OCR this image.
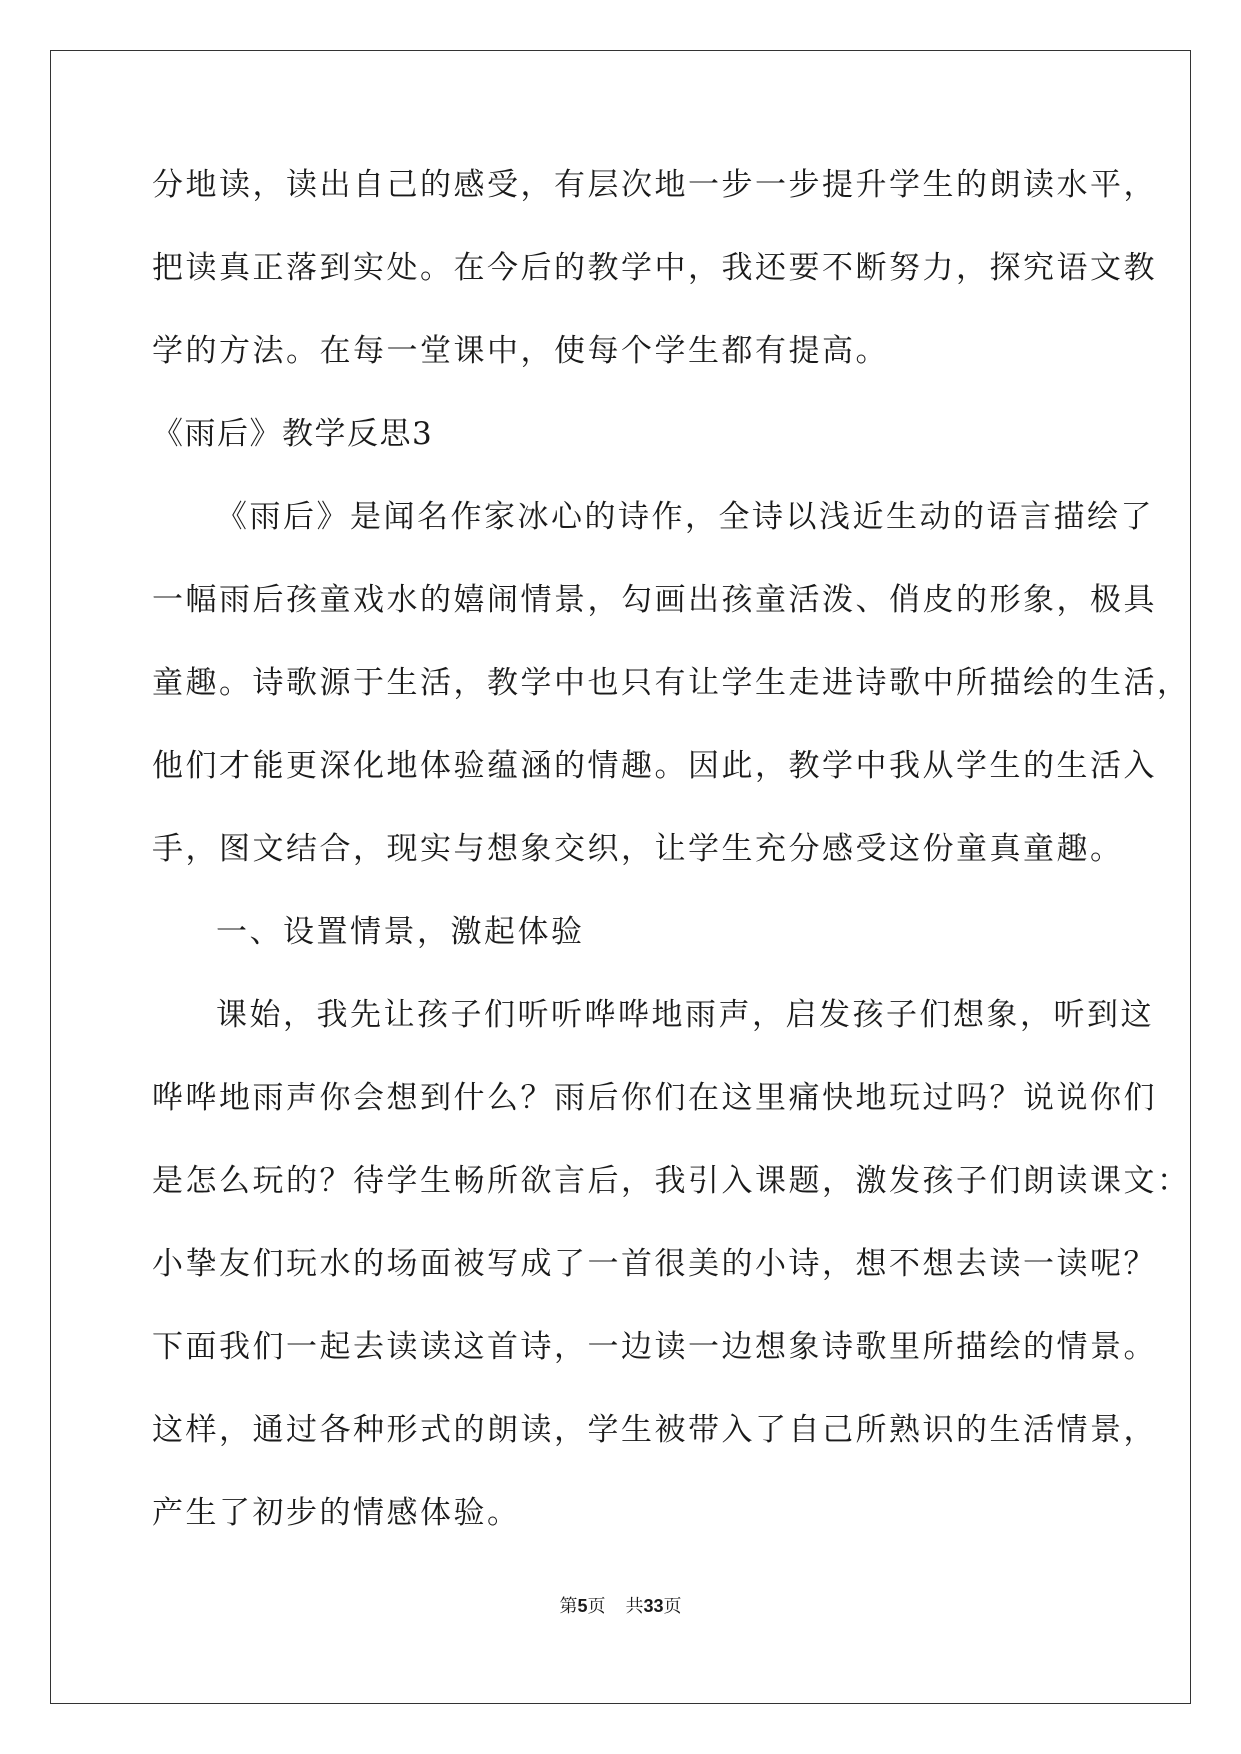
分地读，读出自己的感受，有层次地一步一步提升学生的朗读水平，
把读真正落到实处。在今后的教学中，我还要不断努力，探究语文教
学的方法。在每一堂课中，使每个学生都有提高。
《雨后》教学反思3
《雨后》是闻名作家冰心的诗作，全诗以浅近生动的语言描绘了
一幅雨后孩童戏水的嬉闹情景，勾画出孩童活泼、俏皮的形象，极具
童趣。诗歌源于生活，教学中也只有让学生走进诗歌中所描绘的生活，
他们才能更深化地体验蕴涵的情趣。因此，教学中我从学生的生活入
手，图文结合，现实与想象交织，让学生充分感受这份童真童趣。
一、设置情景，激起体验
课始，我先让孩子们听听哗哗地雨声，启发孩子们想象，听到这
哗哗地雨声你会想到什么？雨后你们在这里痛快地玩过吗？说说你们
是怎么玩的？待学生畅所欲言后，我引入课题，激发孩子们朗读课文：
小挚友们玩水的场面被写成了一首很美的小诗，想不想去读一读呢？
下面我们一起去读读这首诗，一边读一边想象诗歌里所描绘的情景。
这样，通过各种形式的朗读，学生被带入了自己所熟识的生活情景，
产生了初步的情感体验。
第5页 共33页
